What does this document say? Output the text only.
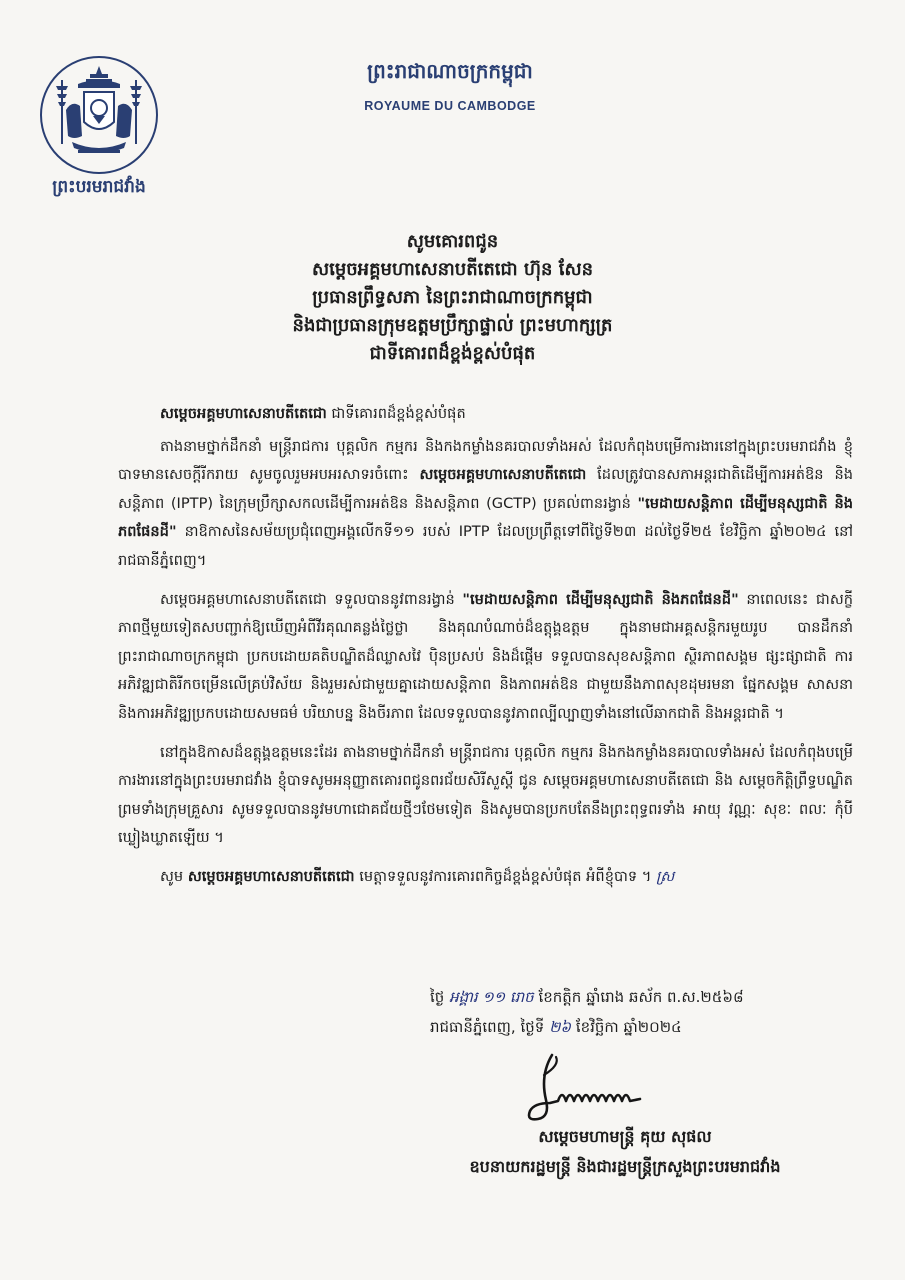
ព្រះបរមរាជវាំង
ព្រះរាជាណាចក្រកម្ពុជា
ROYAUME DU CAMBODGE
សូមគោរពជូន
សម្ដេចអគ្គមហាសេនាបតីតេជោ ហ៊ុន សែន
ប្រធានព្រឹទ្ធសភា នៃព្រះរាជាណាចក្រកម្ពុជា
និងជាប្រធានក្រុមឧត្តមប្រឹក្សាផ្ទាល់ ព្រះមហាក្សត្រ
ជាទីគោរពដ៏ខ្ពង់ខ្ពស់បំផុត

សម្ដេចអគ្គមហាសេនាបតីតេជោ ជាទីគោរពដ៏ខ្ពង់ខ្ពស់បំផុត

តាងនាមថ្នាក់ដឹកនាំ មន្ត្រីរាជការ បុគ្គលិក កម្មករ និងកងកម្លាំងនគរបាលទាំងអស់ ដែលកំពុងបម្រើការងារនៅក្នុងព្រះបរមរាជវាំង ខ្ញុំបាទមានសេចក្តីរីករាយ សូមចូលរួមអបអរសាទរចំពោះ សម្ដេចអគ្គមហាសេនាបតីតេជោ ដែលត្រូវបានសភាអន្តរជាតិដើម្បីការអត់ឱន និងសន្តិភាព (IPTP) នៃក្រុមប្រឹក្សាសកលដើម្បីការអត់ឱន និងសន្តិភាព (GCTP) ប្រគល់ពានរង្វាន់ "មេដាយសន្តិភាព ដើម្បីមនុស្សជាតិ និងភពផែនដី" នាឱកាសនៃសម័យប្រជុំពេញអង្គលើកទី១១ របស់ IPTP ដែលប្រព្រឹត្តទៅពីថ្ងៃទី២៣ ដល់ថ្ងៃទី២៥ ខែវិច្ឆិកា ឆ្នាំ២០២៤ នៅរាជធានីភ្នំពេញ។

សម្ដេចអគ្គមហាសេនាបតីតេជោ ទទួលបាននូវពានរង្វាន់ "មេដាយសន្តិភាព ដើម្បីមនុស្សជាតិ និងភពផែនដី" នាពេលនេះ ជាសក្ខីភាពថ្មីមួយទៀតសបញ្ជាក់ឱ្យឃើញអំពីវីរគុណគន្លង់ថ្លៃថ្លា និងគុណបំណាច់ដ៏ឧត្តុង្គឧត្តម ក្នុងនាមជាអគ្គសន្តិករមួយរូប បានដឹកនាំព្រះរាជាណាចក្រកម្ពុជា ប្រកបដោយគតិបណ្ឌិតដ៏ឈ្លាសវៃ ប៉ិនប្រសប់ និងដ៏ផ្ដើម ទទួលបានសុខសន្តិភាព ស្ថិរភាពសង្គម ផ្សះផ្សាជាតិ ការអភិវឌ្ឍជាតិរីកចម្រើនលើគ្រប់វិស័យ និងរួមរស់ជាមួយគ្នាដោយសន្តិភាព និងភាពអត់ឱន ជាមួយនឹងភាពសុខដុមរមនា ផ្នែកសង្គម សាសនា និងការអភិវឌ្ឍប្រកបដោយសមធម៌ បរិយាបន្ន និងចីរភាព ដែលទទួលបាននូវភាពល្បីល្បាញទាំងនៅលើឆាកជាតិ និងអន្តរជាតិ ។

នៅក្នុងឱកាសដ៏ឧត្តុង្គឧត្តមនេះដែរ តាងនាមថ្នាក់ដឹកនាំ មន្ត្រីរាជការ បុគ្គលិក កម្មករ និងកងកម្លាំងនគរបាលទាំងអស់ ដែលកំពុងបម្រើការងារនៅក្នុងព្រះបរមរាជវាំង ខ្ញុំបាទសូមអនុញ្ញាតគោរពជូនពរជ័យសិរីសួស្តី ជូន សម្ដេចអគ្គមហាសេនាបតីតេជោ និង សម្ដេចកិត្តិព្រឹទ្ធបណ្ឌិត ព្រមទាំងក្រុមគ្រួសារ សូមទទួលបាននូវមហាជោគជ័យថ្មីៗថែមទៀត និងសូមបានប្រកបតែនឹងព្រះពុទ្ធពរទាំង អាយុ វណ្ណៈ សុខៈ ពលៈ កុំបីឃ្លៀងឃ្លាតឡើយ ។

សូម សម្ដេចអគ្គមហាសេនាបតីតេជោ មេត្តាទទួលនូវការគោរពកិច្ចដ៏ខ្ពង់ខ្ពស់បំផុត អំពីខ្ញុំបាទ ។ ស្រ

ថ្ងៃ អង្គារ ១១ រោច ខែកត្តិក ឆ្នាំរោង ឆស័ក ព.ស.២៥៦៨
រាជធានីភ្នំពេញ, ថ្ងៃទី ២៦ ខែវិច្ឆិកា ឆ្នាំ២០២៤
សម្ដេចមហាមន្ត្រី គុយ សុផល
ឧបនាយករដ្ឋមន្ត្រី និងជារដ្ឋមន្ត្រីក្រសួងព្រះបរមរាជវាំង
